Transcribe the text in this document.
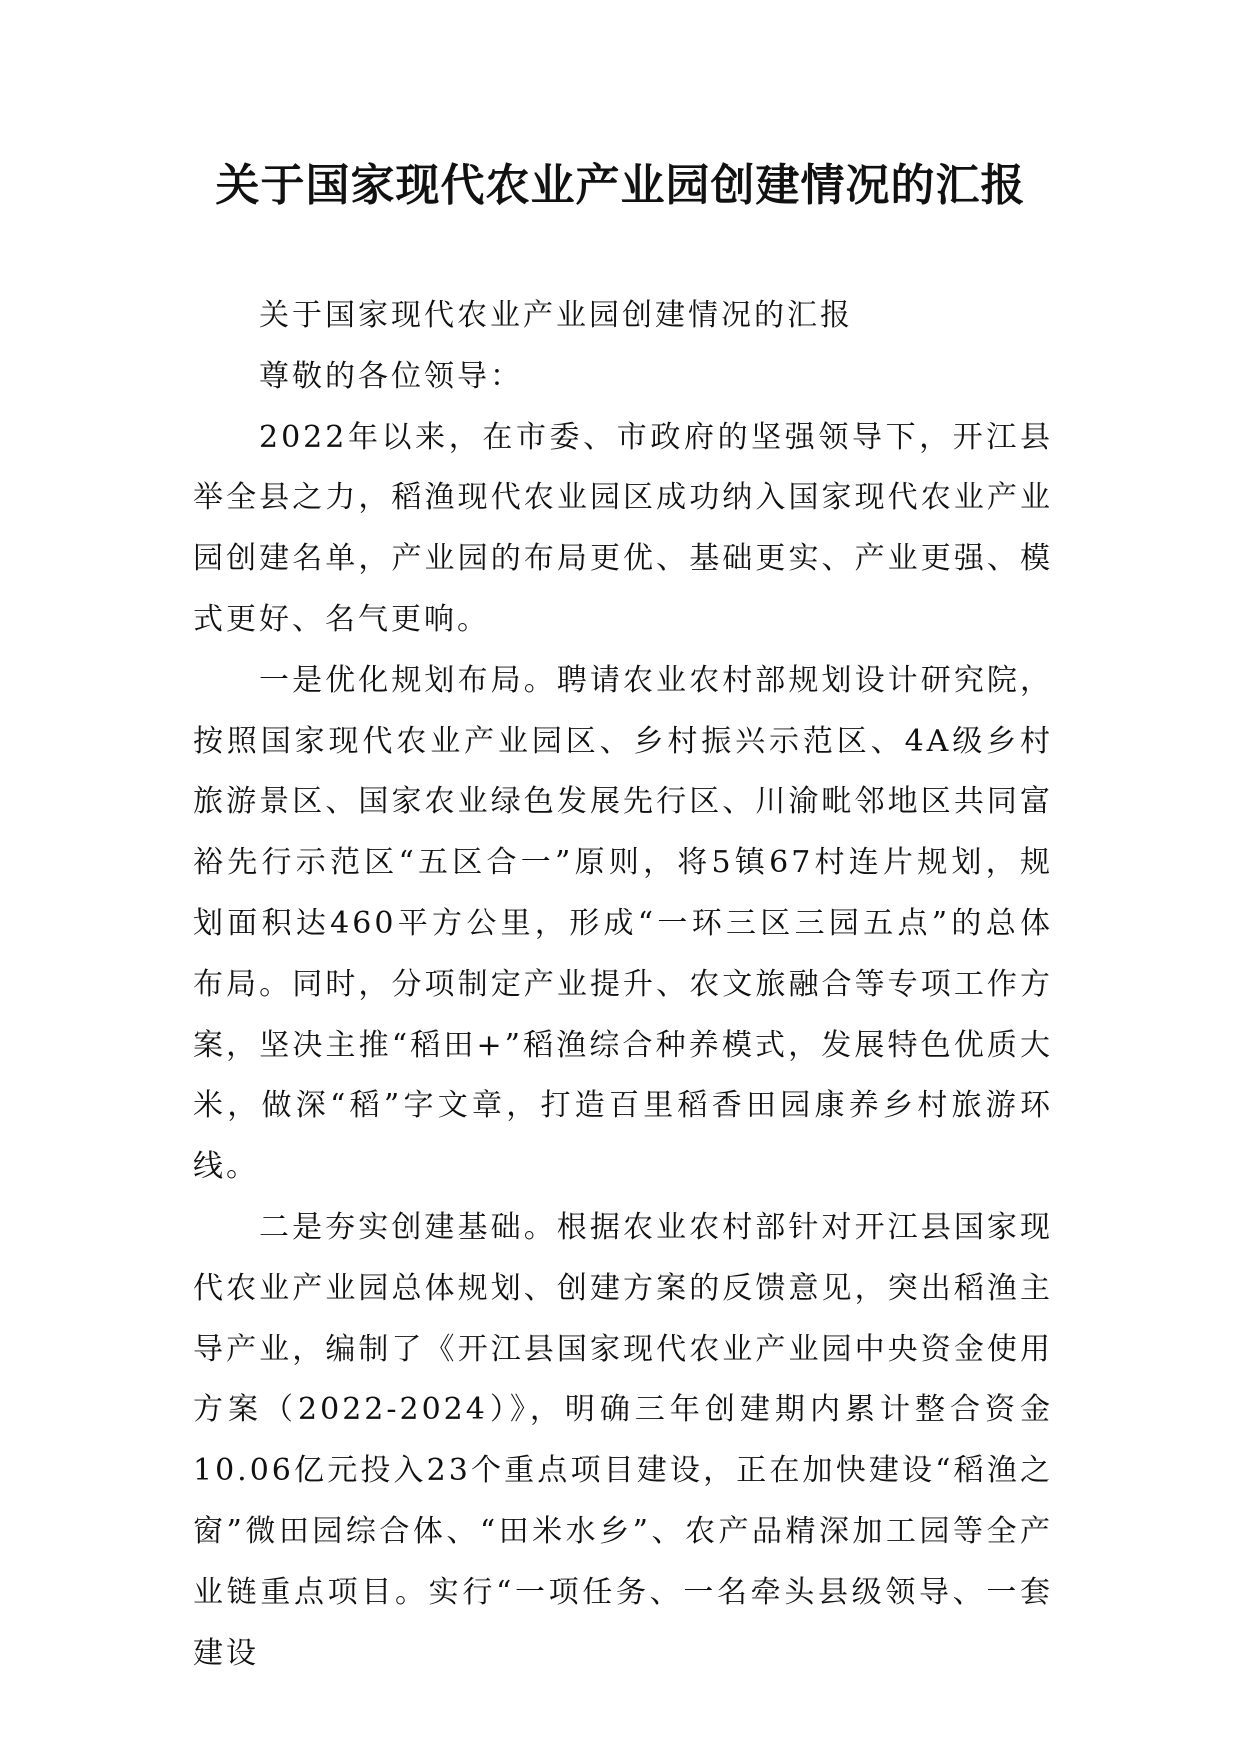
关于国家现代农业产业园创建情况的汇报

关于国家现代农业产业园创建情况的汇报

尊敬的各位领导：

2022年以来，在市委、市政府的坚强领导下，开江县举全县之力，稻渔现代农业园区成功纳入国家现代农业产业园创建名单，产业园的布局更优、基础更实、产业更强、模式更好、名气更响。

一是优化规划布局。聘请农业农村部规划设计研究院，按照国家现代农业产业园区、乡村振兴示范区、4A级乡村旅游景区、国家农业绿色发展先行区、川渝毗邻地区共同富裕先行示范区“五区合一”原则，将5镇67村连片规划，规划面积达460平方公里，形成“一环三区三园五点”的总体布局。同时，分项制定产业提升、农文旅融合等专项工作方案，坚决主推“稻田+”稻渔综合种养模式，发展特色优质大米，做深“稻”字文章，打造百里稻香田园康养乡村旅游环线。

二是夯实创建基础。根据农业农村部针对开江县国家现代农业产业园总体规划、创建方案的反馈意见，突出稻渔主导产业，编制了《开江县国家现代农业产业园中央资金使用方案（2022-2024）》，明确三年创建期内累计整合资金10.06亿元投入23个重点项目建设，正在加快建设“稻渔之窗”微田园综合体、“田米水乡”、农产品精深加工园等全产业链重点项目。实行“一项任务、一名牵头县级领导、一套建设
